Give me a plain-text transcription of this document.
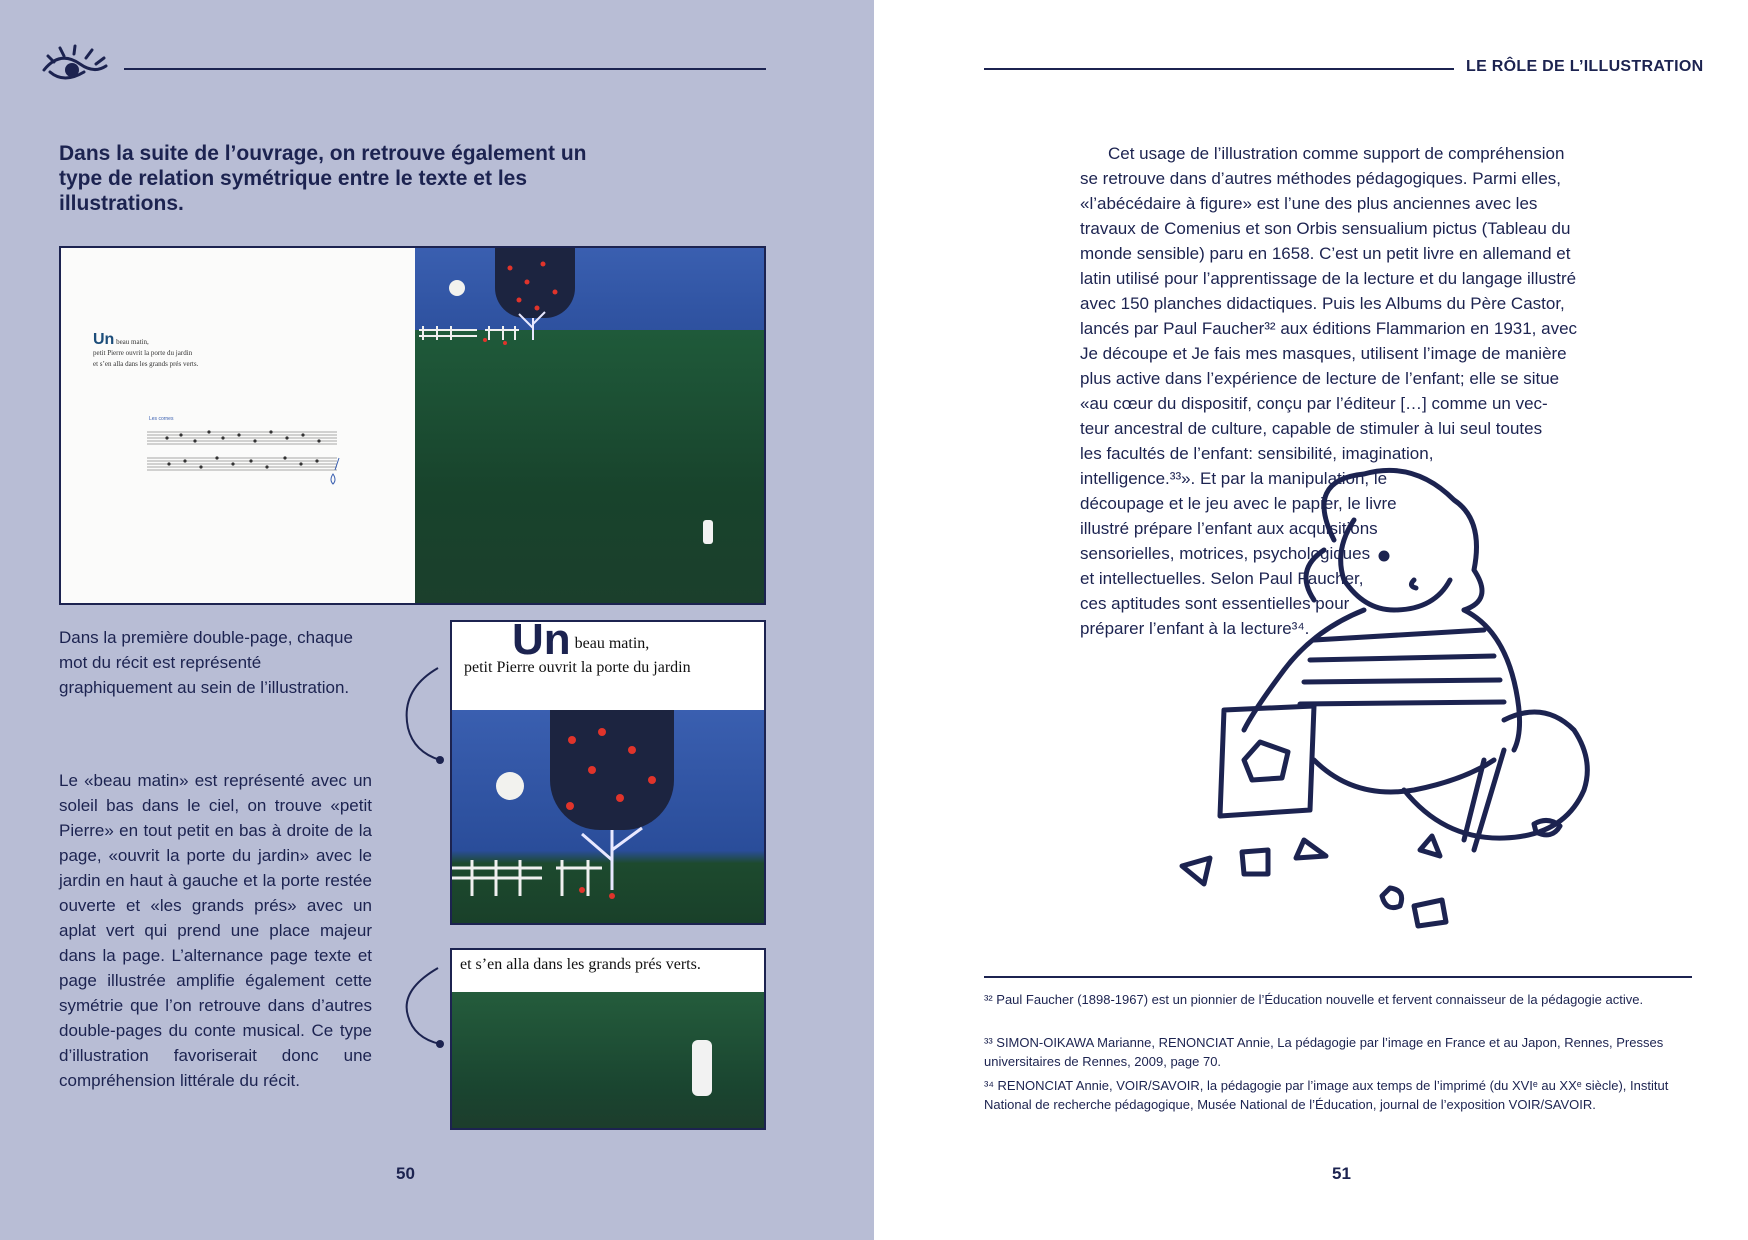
Dans la suite de l’ouvrage, on retrouve également un type de relation symétrique entre le texte et les illustrations.
Un beau matin,
petit Pierre ouvrit la porte du jardin
et s’en alla dans les grands prés verts.
Les cornes
Dans la première double-page, chaque mot du récit est représenté graphiquement au sein de l’illustration.
Le «beau matin» est représenté avec un soleil bas dans le ciel, on trouve «petit Pierre» en tout petit en bas à droite de la page, «ouvrit la porte du jardin» avec le jardin en haut à gauche et la porte restée ouverte et «les grands prés» avec un aplat vert qui prend une place majeur dans la page. L’alternance page texte et page illustrée amplifie également cette symétrie que l’on retrouve dans d’autres double-pages du conte musical. Ce type d’illustration favoriserait donc une compréhension littérale du récit.
Un beau matin,
petit Pierre ouvrit la porte du jardin
et s’en alla dans les grands prés verts.
50
LE RÔLE DE L’ILLUSTRATION
Cet usage de l’illustration comme support de compréhension
se retrouve dans d’autres méthodes pédagogiques. Parmi elles,
«l’abécédaire à figure» est l’une des plus anciennes avec les
travaux de Comenius et son Orbis sensualium pictus (Tableau du
monde sensible) paru en 1658. C’est un petit livre en allemand et
latin utilisé pour l’apprentissage de la lecture et du langage illustré
avec 150 planches didactiques. Puis les Albums du Père Castor,
lancés par Paul Faucher³² aux éditions Flammarion en 1931, avec
Je découpe et Je fais mes masques, utilisent l’image de manière
plus active dans l’expérience de lecture de l’enfant; elle se situe
«au cœur du dispositif, conçu par l’éditeur […] comme un vec-
teur ancestral de culture, capable de stimuler à lui seul toutes
les facultés de l’enfant: sensibilité, imagination,
intelligence.³³». Et par la manipulation, le
découpage et le jeu avec le papier, le livre
illustré prépare l’enfant aux acquisitions
sensorielles, motrices, psychologiques
et intellectuelles. Selon Paul Faucher,
ces aptitudes sont essentielles pour
préparer l’enfant à la lecture³⁴.
³² Paul Faucher (1898-1967) est un pionnier de l’Éducation nouvelle et fervent connaisseur de la pédagogie active.
³³ SIMON-OIKAWA Marianne, RENONCIAT Annie, La pédagogie par l’image en France et au Japon, Rennes, Presses universitaires de Rennes, 2009, page 70.
³⁴ RENONCIAT Annie, VOIR/SAVOIR, la pédagogie par l’image aux temps de l’imprimé (du XVIᵉ au XXᵉ siècle), Institut National de recherche pédagogique, Musée National de l’Éducation, journal de l’exposition VOIR/SAVOIR.
51
